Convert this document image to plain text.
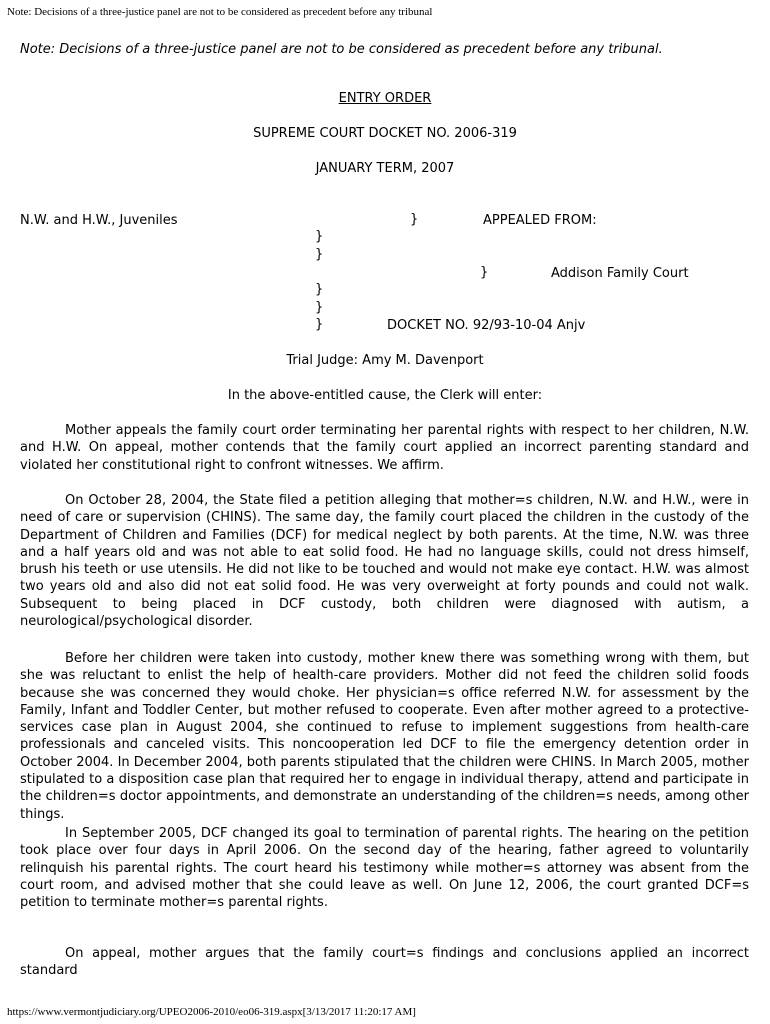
Note: Decisions of a three-justice panel are not to be considered as precedent before any tribunal
Note: Decisions of a three-justice panel are not to be considered as precedent before any tribunal.
ENTRY ORDER
SUPREME COURT DOCKET NO. 2006-319
JANUARY TERM, 2007
N.W. and H.W., Juveniles	}	APPEALED FROM:
}
}
}	Addison Family Court
}
}
}	DOCKET NO. 92/93-10-04 Anjv
Trial Judge: Amy M. Davenport
In the above-entitled cause, the Clerk will enter:
Mother appeals the family court order terminating her parental rights with respect to her children, N.W. and H.W. On appeal, mother contends that the family court applied an incorrect parenting standard and violated her constitutional right to confront witnesses. We affirm.
On October 28, 2004, the State filed a petition alleging that mother=s children, N.W. and H.W., were in need of care or supervision (CHINS). The same day, the family court placed the children in the custody of the Department of Children and Families (DCF) for medical neglect by both parents. At the time, N.W. was three and a half years old and was not able to eat solid food. He had no language skills, could not dress himself, brush his teeth or use utensils. He did not like to be touched and would not make eye contact. H.W. was almost two years old and also did not eat solid food. He was very overweight at forty pounds and could not walk. Subsequent to being placed in DCF custody, both children were diagnosed with autism, a neurological/psychological disorder.
Before her children were taken into custody, mother knew there was something wrong with them, but she was reluctant to enlist the help of health-care providers. Mother did not feed the children solid foods because she was concerned they would choke. Her physician=s office referred N.W. for assessment by the Family, Infant and Toddler Center, but mother refused to cooperate. Even after mother agreed to a protective-services case plan in August 2004, she continued to refuse to implement suggestions from health-care professionals and canceled visits. This noncooperation led DCF to file the emergency detention order in October 2004. In December 2004, both parents stipulated that the children were CHINS. In March 2005, mother stipulated to a disposition case plan that required her to engage in individual therapy, attend and participate in the children=s doctor appointments, and demonstrate an understanding of the children=s needs, among other things.
In September 2005, DCF changed its goal to termination of parental rights. The hearing on the petition took place over four days in April 2006. On the second day of the hearing, father agreed to voluntarily relinquish his parental rights. The court heard his testimony while mother=s attorney was absent from the court room, and advised mother that she could leave as well. On June 12, 2006, the court granted DCF=s petition to terminate mother=s parental rights.
On appeal, mother argues that the family court=s findings and conclusions applied an incorrect standard
https://www.vermontjudiciary.org/UPEO2006-2010/eo06-319.aspx[3/13/2017 11:20:17 AM]
